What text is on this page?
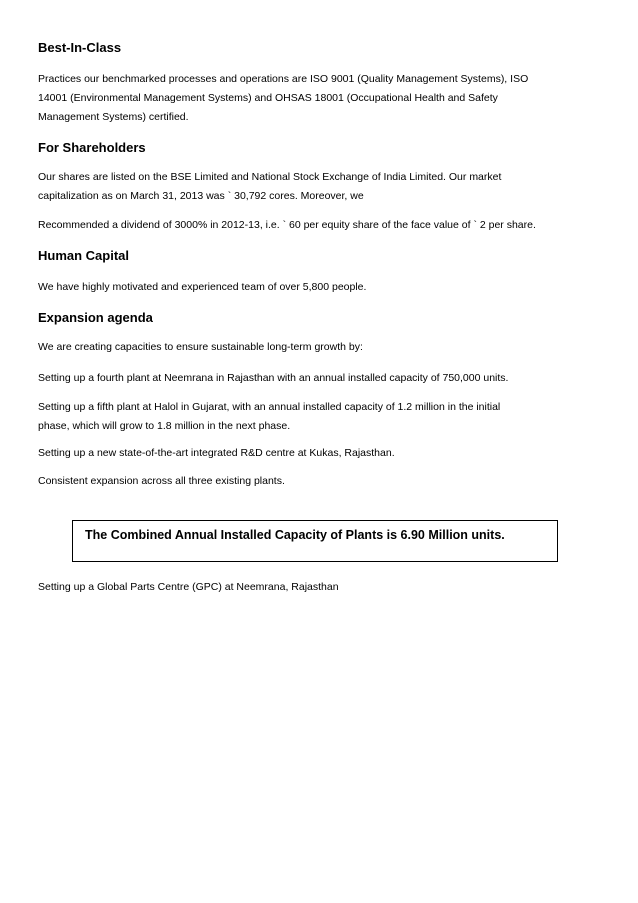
Best-In-Class
Practices our benchmarked processes and operations are ISO 9001 (Quality Management Systems), ISO
14001 (Environmental Management Systems) and OHSAS 18001 (Occupational Health and Safety
Management Systems) certified.
For Shareholders
Our shares are listed on the BSE Limited and National Stock Exchange of India Limited. Our market
capitalization as on March 31, 2013 was ` 30,792 cores. Moreover, we
Recommended a dividend of 3000% in 2012-13, i.e. ` 60 per equity share of the face value of ` 2 per share.
Human Capital
We have highly motivated and experienced team of over 5,800 people.
Expansion agenda
We are creating capacities to ensure sustainable long-term growth by:
Setting up a fourth plant at Neemrana in Rajasthan with an annual installed capacity of 750,000 units.
Setting up a fifth plant at Halol in Gujarat, with an annual installed capacity of 1.2 million in the initial
phase, which will grow to 1.8 million in the next phase.
Setting up a new state-of-the-art integrated R&D centre at Kukas, Rajasthan.
Consistent expansion across all three existing plants.
The Combined Annual Installed Capacity of Plants is 6.90 Million units.
Setting up a Global Parts Centre (GPC) at Neemrana, Rajasthan
